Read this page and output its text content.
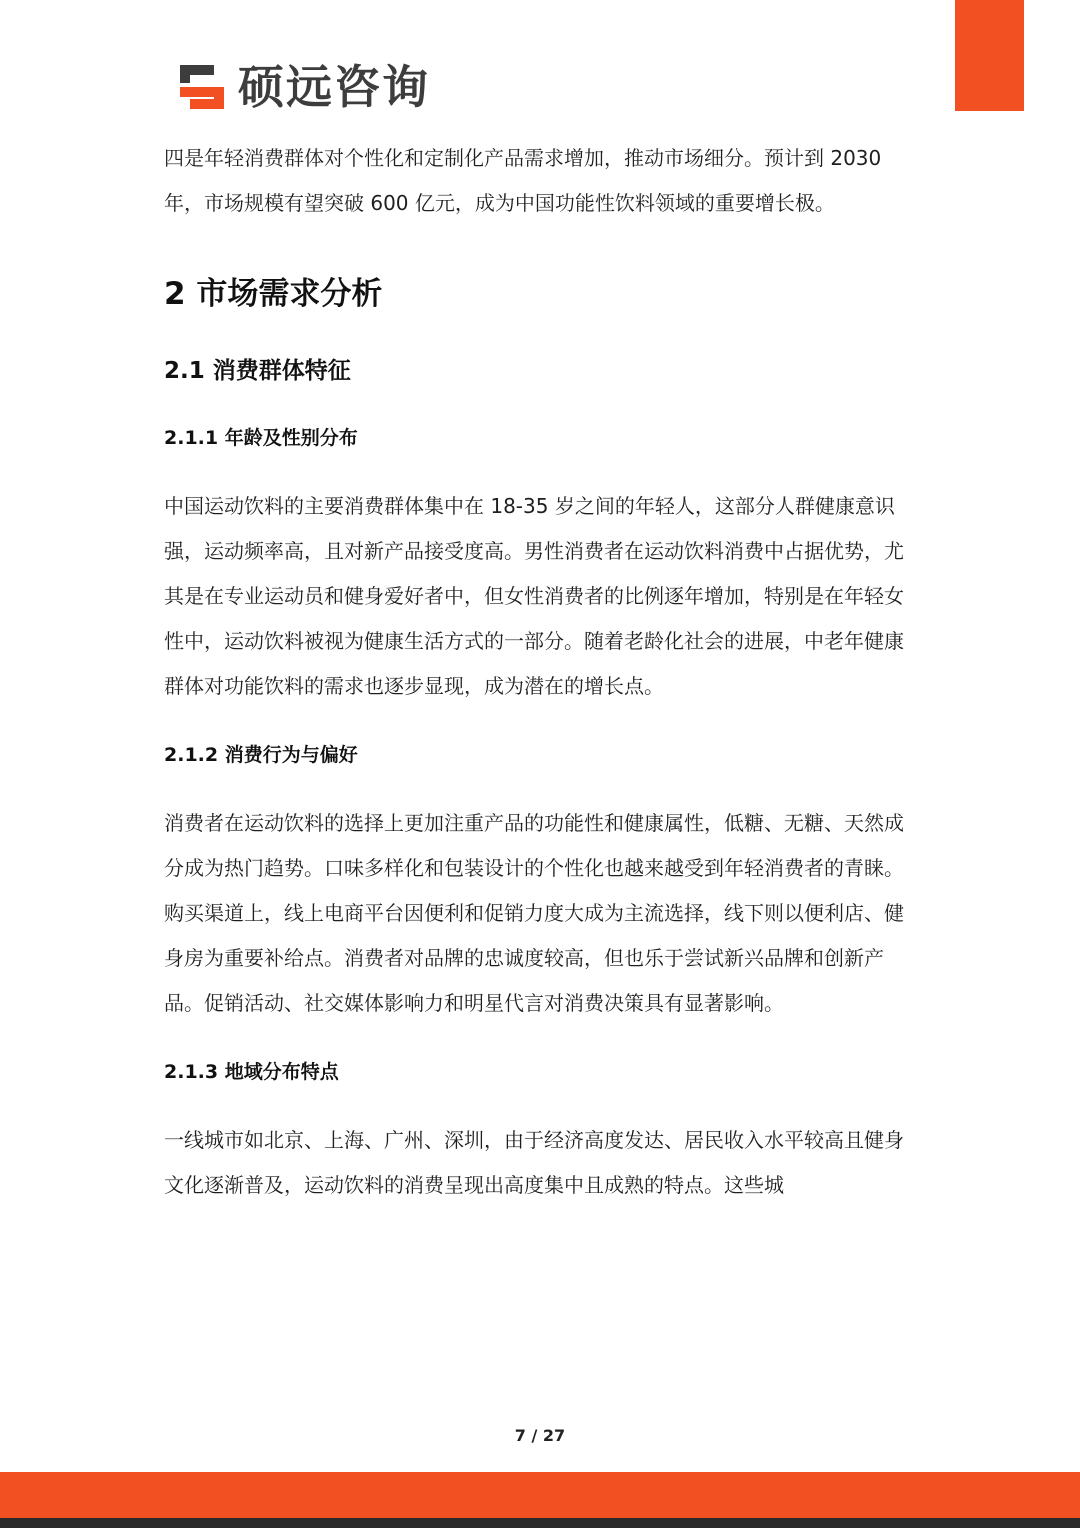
硕远咨询

四是年轻消费群体对个性化和定制化产品需求增加，推动市场细分。预计到 2030 年，市场规模有望突破 600 亿元，成为中国功能性饮料领域的重要增长极。

2 市场需求分析
2.1 消费群体特征
2.1.1 年龄及性别分布

中国运动饮料的主要消费群体集中在 18-35 岁之间的年轻人，这部分人群健康意识强，运动频率高，且对新产品接受度高。男性消费者在运动饮料消费中占据优势，尤其是在专业运动员和健身爱好者中，但女性消费者的比例逐年增加，特别是在年轻女性中，运动饮料被视为健康生活方式的一部分。随着老龄化社会的进展，中老年健康群体对功能饮料的需求也逐步显现，成为潜在的增长点。

2.1.2 消费行为与偏好

消费者在运动饮料的选择上更加注重产品的功能性和健康属性，低糖、无糖、天然成分成为热门趋势。口味多样化和包装设计的个性化也越来越受到年轻消费者的青睐。购买渠道上，线上电商平台因便利和促销力度大成为主流选择，线下则以便利店、健身房为重要补给点。消费者对品牌的忠诚度较高，但也乐于尝试新兴品牌和创新产品。促销活动、社交媒体影响力和明星代言对消费决策具有显著影响。

2.1.3 地域分布特点

一线城市如北京、上海、广州、深圳，由于经济高度发达、居民收入水平较高且健身文化逐渐普及，运动饮料的消费呈现出高度集中且成熟的特点。这些城

7 / 27
